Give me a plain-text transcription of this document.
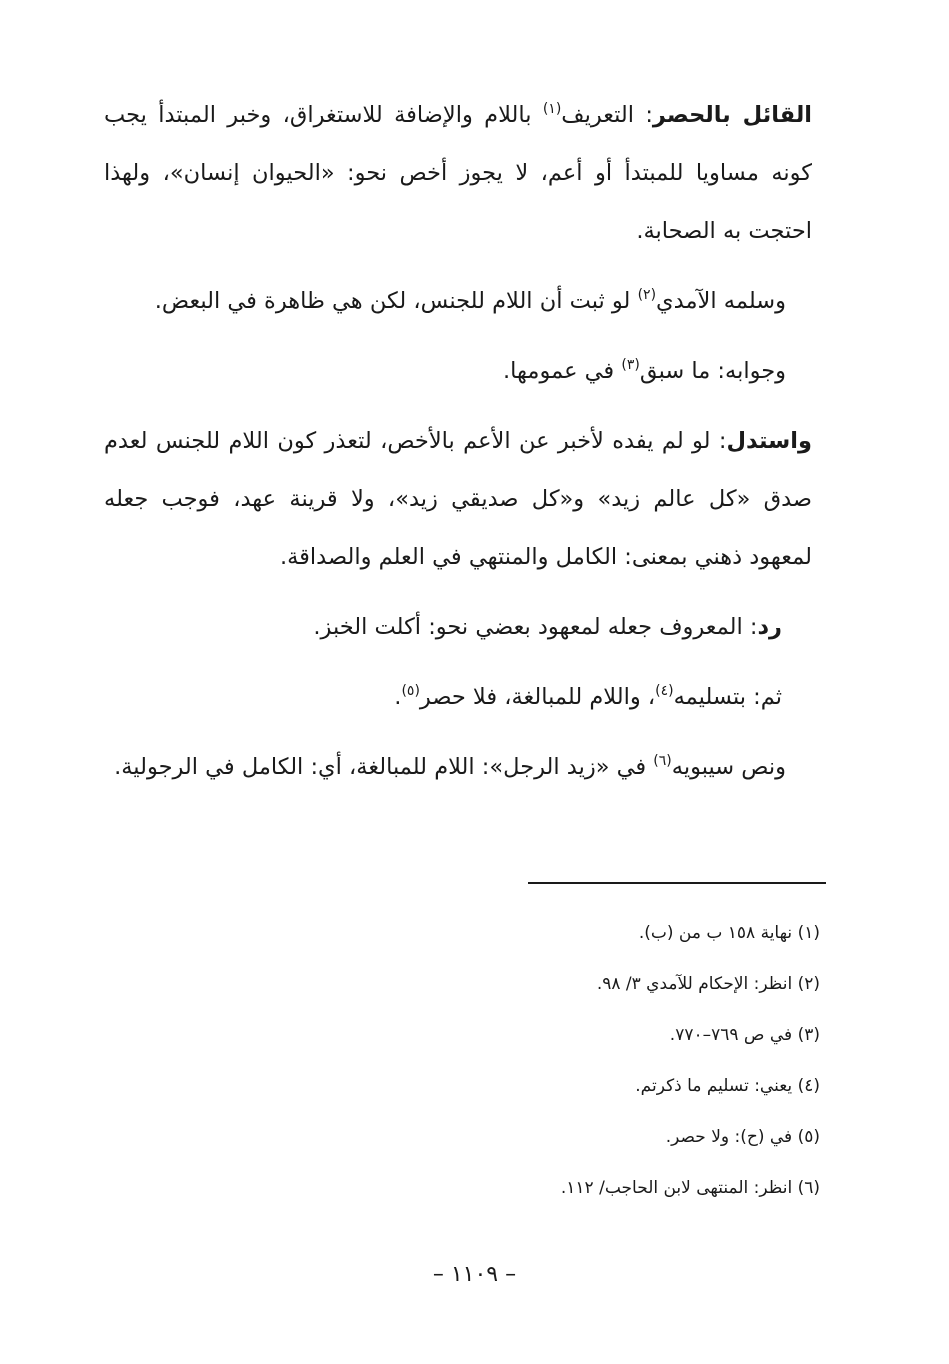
القائل بالحصر: التعريف$^{(١)}$ باللام والإضافة للاستغراق، وخبر المبتدأ يجب كونه مساويا للمبتدأ أو أعم، لا يجوز أخص نحو: «الحيوان إنسان»، ولهذا احتجت به الصحابة.

وسلمه الآمدي$^{(٢)}$ لو ثبت أن اللام للجنس، لكن هي ظاهرة في البعض.

وجوابه: ما سبق$^{(٣)}$ في عمومها.

واستدل: لو لم يفده لأخبر عن الأعم بالأخص، لتعذر كون اللام للجنس لعدم صدق «كل عالم زيد» و«كل صديقي زيد»، ولا قرينة عهد، فوجب جعله لمعهود ذهني بمعنى: الكامل والمنتهي في العلم والصداقة.

رد: المعروف جعله لمعهود بعضي نحو: أكلت الخبز.

ثم: بتسليمه$^{(٤)}$، واللام للمبالغة، فلا حصر$^{(٥)}$.

ونص سيبويه$^{(٦)}$ في «زيد الرجل»: اللام للمبالغة، أي: الكامل في الرجولية.

(١) نهاية ١٥٨ ب من (ب).

(٢) انظر: الإحكام للآمدي ٣/ ٩٨.

(٣) في ص ٧٦٩–٧٧٠.

(٤) يعني: تسليم ما ذكرتم.

(٥) في (ح): ولا حصر.

(٦) انظر: المنتهى لابن الحاجب/ ١١٢.

– ١١٠٩ –
